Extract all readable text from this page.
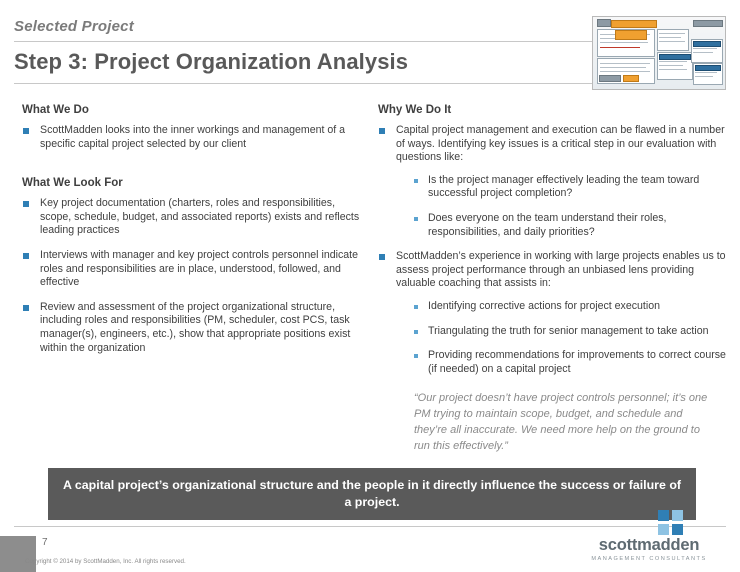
Selected Project
Step 3: Project Organization Analysis
What We Do
ScottMadden looks into the inner workings and management of a specific capital project selected by our client
What We Look For
Key project documentation (charters, roles and responsibilities, scope, schedule, budget, and associated reports) exists and reflects leading practices
Interviews with manager and key project controls personnel indicate roles and responsibilities are in place, understood, followed, and effective
Review and assessment of the project organizational structure, including roles and responsibilities (PM, scheduler, cost PCS, task manager(s), engineers, etc.), show that appropriate positions exist within the organization
Why We Do It
Capital project management and execution can be flawed in a number of ways. Identifying key issues is a critical step in our evaluation with questions like:
Is the project manager effectively leading the team toward successful project completion?
Does everyone on the team understand their roles, responsibilities, and daily priorities?
ScottMadden’s experience in working with large projects enables us to assess project performance through an unbiased lens providing valuable coaching that assists in:
Identifying corrective actions for project execution
Triangulating the truth for senior management to take action
Providing recommendations for improvements to correct course (if needed) on a capital project
“Our project doesn’t have project controls personnel; it’s one PM trying to maintain scope, budget, and schedule and they’re all inaccurate. We need more help on the ground to run this effectively.”
A capital project’s organizational structure and the people in it directly influence the success or failure of a project.
7
Copyright © 2014 by ScottMadden, Inc. All rights reserved.
scottmadden
MANAGEMENT CONSULTANTS
